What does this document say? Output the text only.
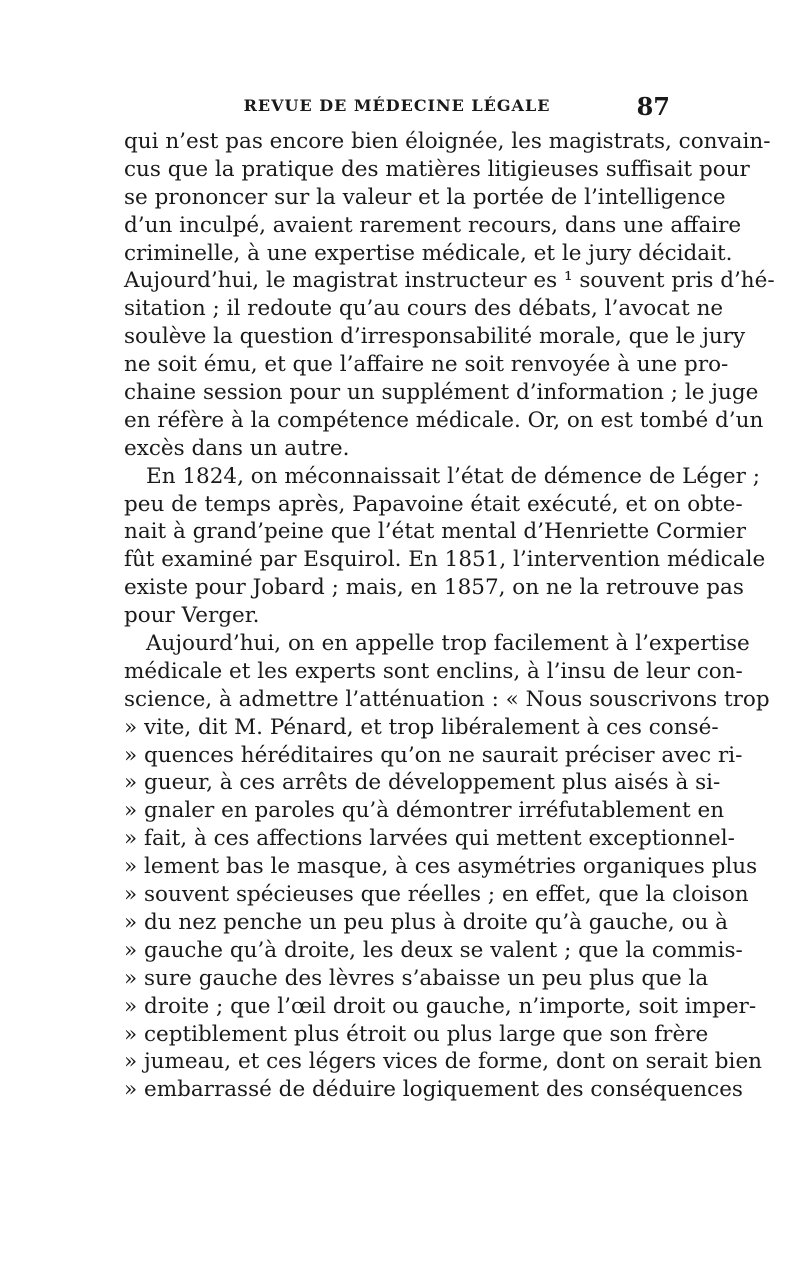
REVUE DE MÉDECINE LÉGALE	87
qui n’est pas encore bien éloignée, les magistrats, convain-
cus que la pratique des matières litigieuses suffisait pour
se prononcer sur la valeur et la portée de l’intelligence
d’un inculpé, avaient rarement recours, dans une affaire
criminelle, à une expertise médicale, et le jury décidait.
Aujourd’hui, le magistrat instructeur es ¹ souvent pris d’hé-
sitation ; il redoute qu’au cours des débats, l’avocat ne
soulève la question d’irresponsabilité morale, que le jury
ne soit ému, et que l’affaire ne soit renvoyée à une pro-
chaine session pour un supplément d’information ; le juge
en réfère à la compétence médicale. Or, on est tombé d’un
excès dans un autre.
En 1824, on méconnaissait l’état de démence de Léger ;
peu de temps après, Papavoine était exécuté, et on obte-
nait à grand’peine que l’état mental d’Henriette Cormier
fût examiné par Esquirol. En 1851, l’intervention médicale
existe pour Jobard ; mais, en 1857, on ne la retrouve pas
pour Verger.
Aujourd’hui, on en appelle trop facilement à l’expertise
médicale et les experts sont enclins, à l’insu de leur con-
science, à admettre l’atténuation : « Nous souscrivons trop
» vite, dit M. Pénard, et trop libéralement à ces consé-
» quences héréditaires qu’on ne saurait préciser avec ri-
» gueur, à ces arrêts de développement plus aisés à si-
» gnaler en paroles qu’à démontrer irréfutablement en
» fait, à ces affections larvées qui mettent exceptionnel-
» lement bas le masque, à ces asymétries organiques plus
» souvent spécieuses que réelles ; en effet, que la cloison
» du nez penche un peu plus à droite qu’à gauche, ou à
» gauche qu’à droite, les deux se valent ; que la commis-
» sure gauche des lèvres s’abaisse un peu plus que la
» droite ; que l’œil droit ou gauche, n’importe, soit imper-
» ceptiblement plus étroit ou plus large que son frère
» jumeau, et ces légers vices de forme, dont on serait bien
» embarrassé de déduire logiquement des conséquences
